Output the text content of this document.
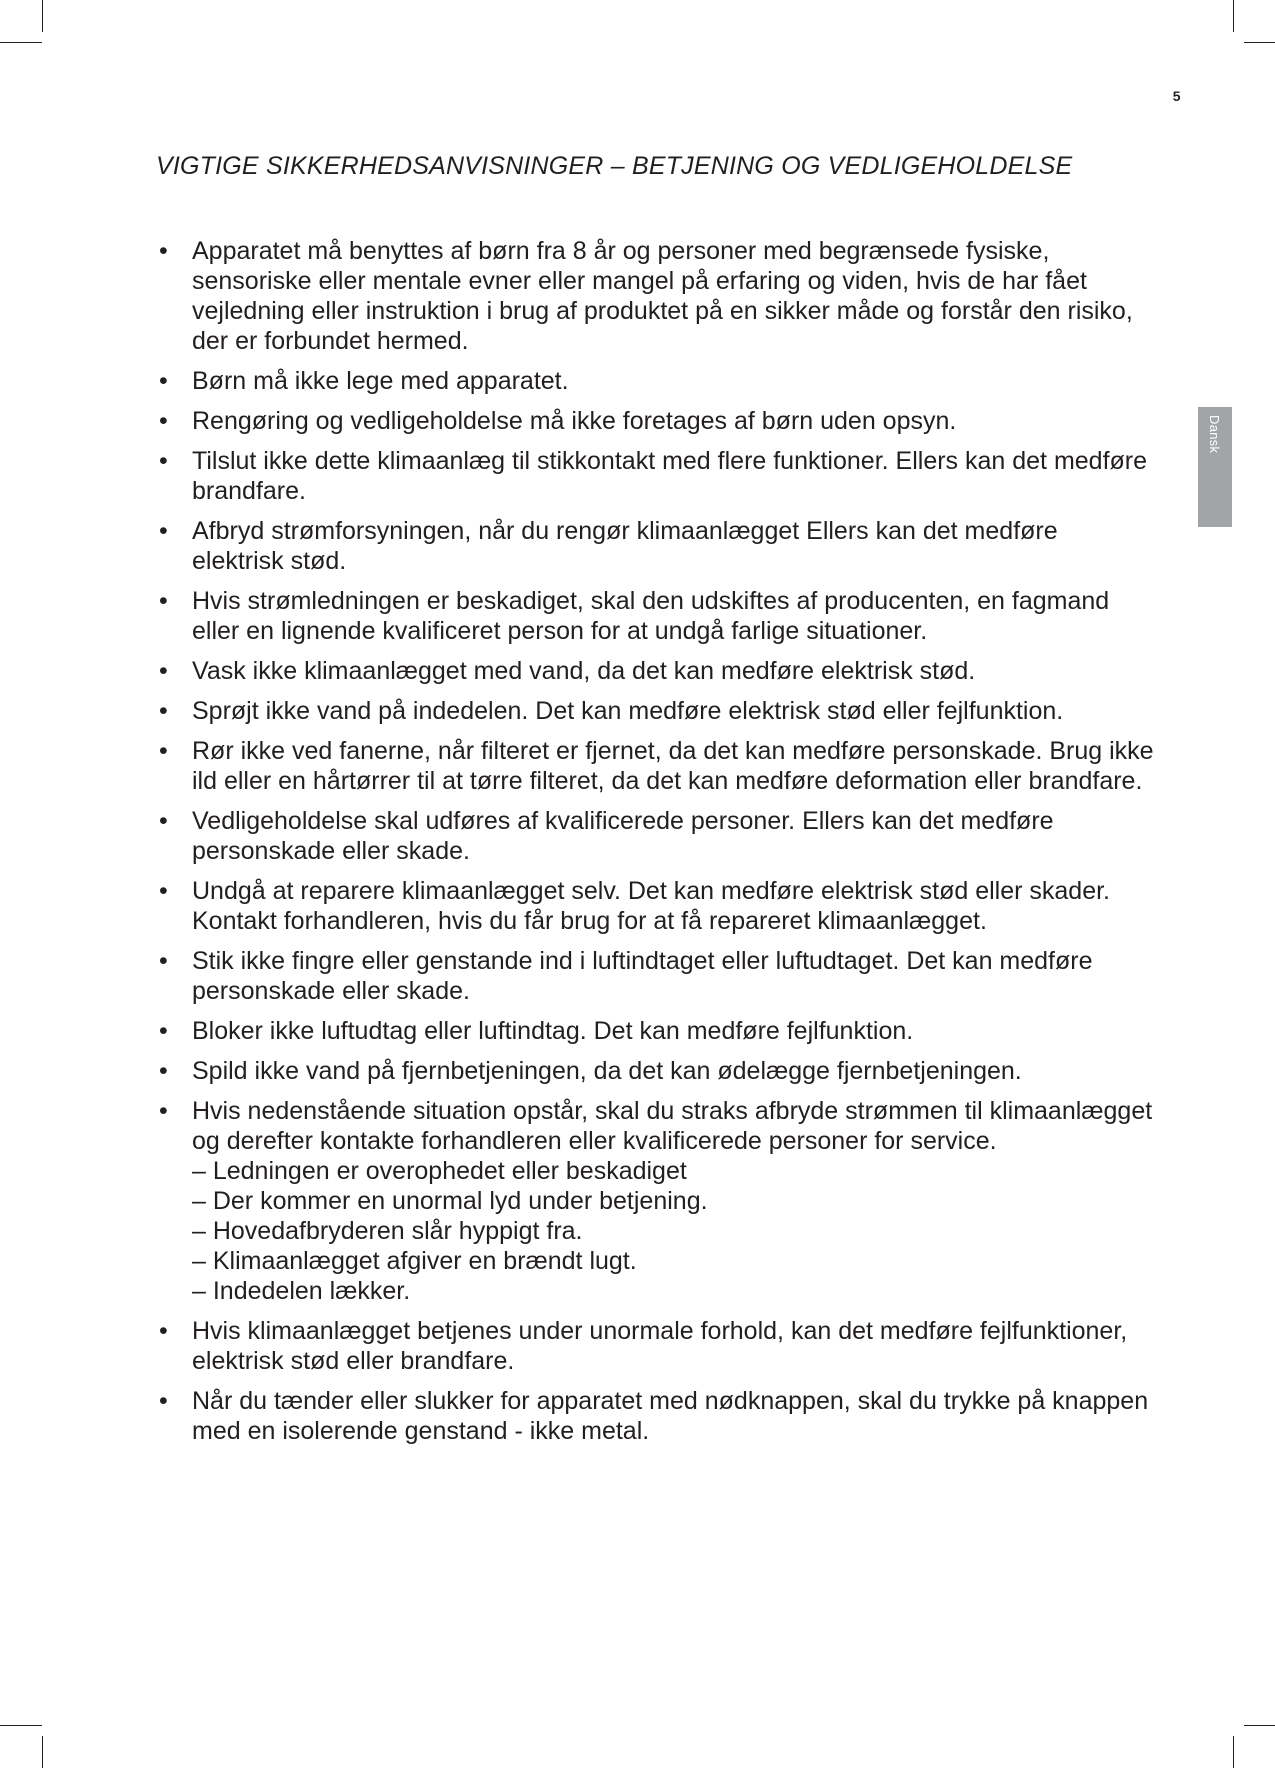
5
Dansk
VIGTIGE SIKKERHEDSANVISNINGER – BETJENING OG VEDLIGEHOLDELSE
• Apparatet må benyttes af børn fra 8 år og personer med begrænsede fysiske, sensoriske eller mentale evner eller mangel på erfaring og viden, hvis de har fået vejledning eller instruktion i brug af produktet på en sikker måde og forstår den risiko, der er forbundet hermed.
• Børn må ikke lege med apparatet.
• Rengøring og vedligeholdelse må ikke foretages af børn uden opsyn.
• Tilslut ikke dette klimaanlæg til stikkontakt med flere funktioner. Ellers kan det medføre brandfare.
• Afbryd strømforsyningen, når du rengør klimaanlægget Ellers kan det medføre elektrisk stød.
• Hvis strømledningen er beskadiget, skal den udskiftes af producenten, en fagmand eller en lignende kvalificeret person for at undgå farlige situationer.
• Vask ikke klimaanlægget med vand, da det kan medføre elektrisk stød.
• Sprøjt ikke vand på indedelen. Det kan medføre elektrisk stød eller fejlfunktion.
• Rør ikke ved fanerne, når filteret er fjernet, da det kan medføre personskade. Brug ikke ild eller en hårtørrer til at tørre filteret, da det kan medføre deformation eller brandfare.
• Vedligeholdelse skal udføres af kvalificerede personer. Ellers kan det medføre personskade eller skade.
• Undgå at reparere klimaanlægget selv. Det kan medføre elektrisk stød eller skader. Kontakt forhandleren, hvis du får brug for at få repareret klimaanlægget.
• Stik ikke fingre eller genstande ind i luftindtaget eller luftudtaget. Det kan medføre personskade eller skade.
• Bloker ikke luftudtag eller luftindtag. Det kan medføre fejlfunktion.
• Spild ikke vand på fjernbetjeningen, da det kan ødelægge fjernbetjeningen.
• Hvis nedenstående situation opstår, skal du straks afbryde strømmen til klimaanlægget og derefter kontakte forhandleren eller kvalificerede personer for service.
– Ledningen er overophedet eller beskadiget
– Der kommer en unormal lyd under betjening.
– Hovedafbryderen slår hyppigt fra.
– Klimaanlægget afgiver en brændt lugt.
– Indedelen lækker.
• Hvis klimaanlægget betjenes under unormale forhold, kan det medføre fejlfunktioner, elektrisk stød eller brandfare.
• Når du tænder eller slukker for apparatet med nødknappen, skal du trykke på knappen med en isolerende genstand - ikke metal.
